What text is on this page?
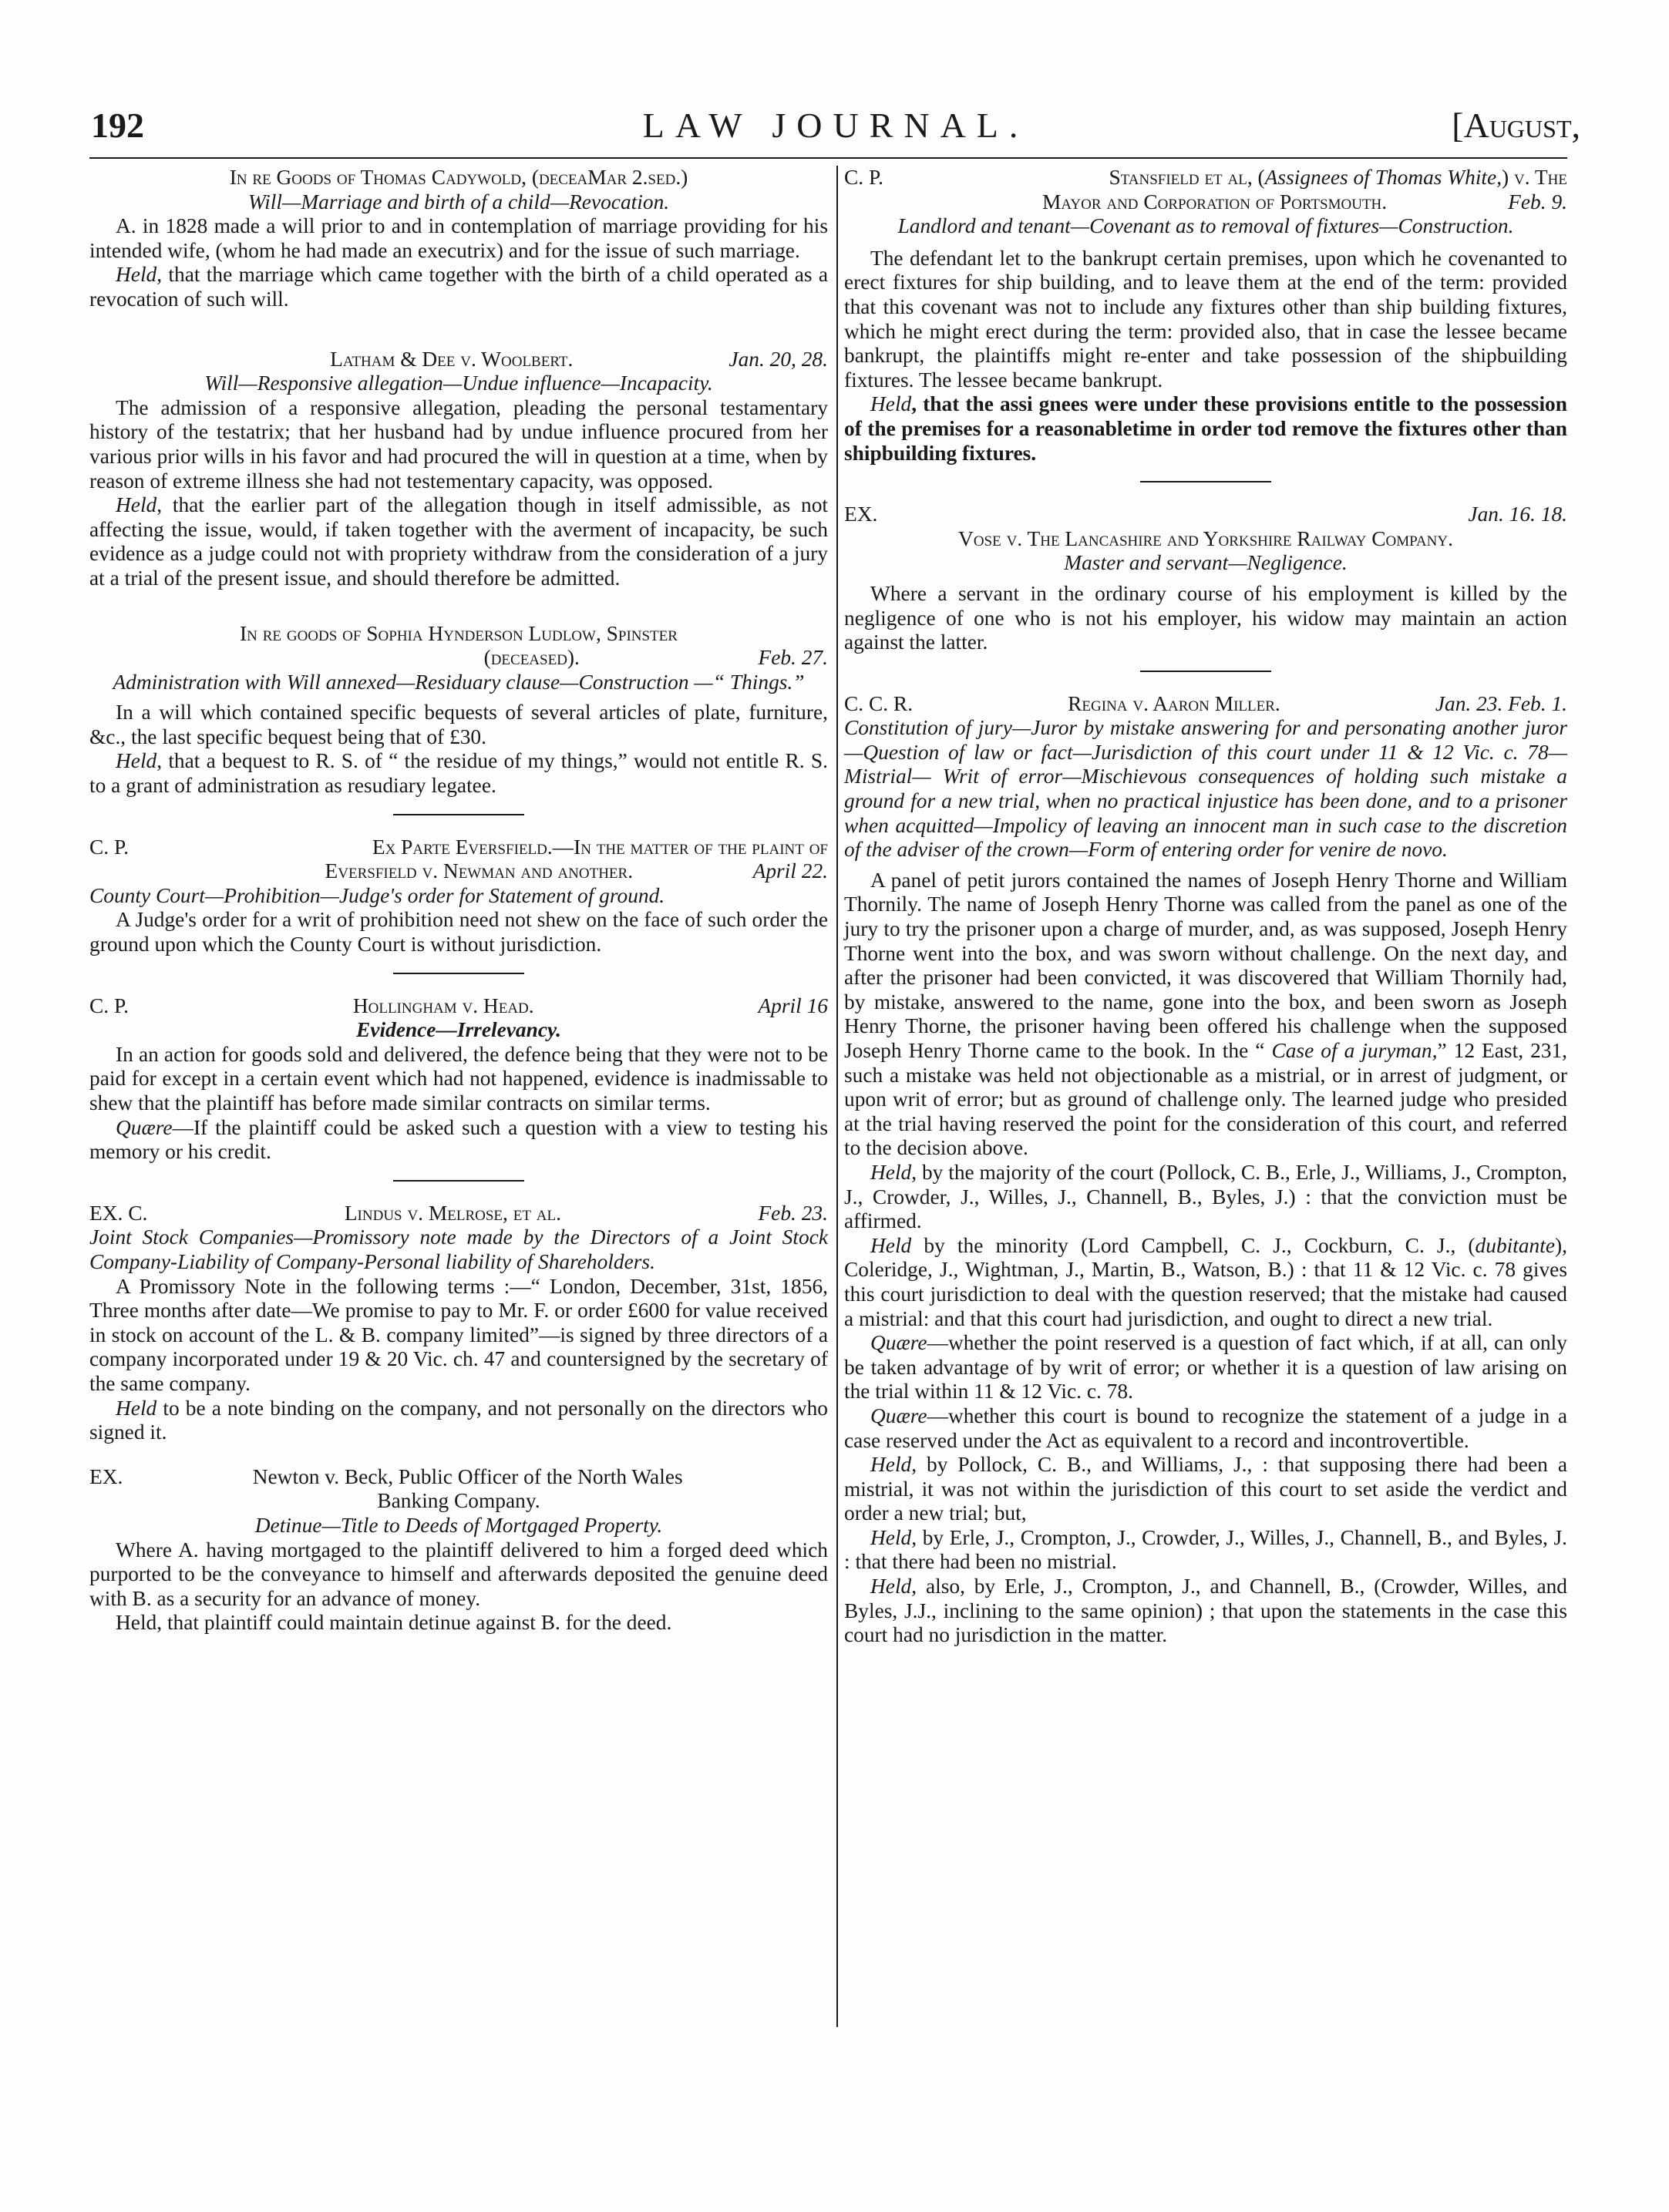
192	LAW JOURNAL.	[August,
In re Goods of Thomas Cadywold, (deceaMar 2.sed.)
Will—Marriage and birth of a child—Revocation.

A. in 1828 made a will prior to and in contemplation of marriage providing for his intended wife, (whom he had made an executrix) and for the issue of such marriage.

Held, that the marriage which came together with the birth of a child operated as a revocation of such will.

Latham & Dee v. Woolbert.	Jan. 20, 28.
Will—Responsive allegation—Undue influence—Incapacity.

The admission of a responsive allegation, pleading the personal testamentary history of the testatrix; that her husband had by undue influence procured from her various prior wills in his favor and had procured the will in question at a time, when by reason of extreme illness she had not testementary capacity, was opposed.

Held, that the earlier part of the allegation though in itself admissible, as not affecting the issue, would, if taken together with the averment of incapacity, be such evidence as a judge could not with propriety withdraw from the consideration of a jury at a trial of the present issue, and should therefore be admitted.

In re goods of Sophia Hynderson Ludlow, Spinster
(deceased).	Feb. 27.
Administration with Will annexed—Residuary clause—Construction —“ Things.”

In a will which contained specific bequests of several articles of plate, furniture, &c., the last specific bequest being that of £30.

Held, that a bequest to R. S. of “ the residue of my things,” would not entitle R. S. to a grant of administration as resudiary legatee.

C. P.	Ex Parte Eversfield.—In the matter of the plaint of
Eversfield v. Newman and another.	April 22.
County Court—Prohibition—Judge's order for Statement of ground.

A Judge's order for a writ of prohibition need not shew on the face of such order the ground upon which the County Court is without jurisdiction.

C. P.	Hollingham v. Head.	April 16
Evidence—Irrelevancy.

In an action for goods sold and delivered, the defence being that they were not to be paid for except in a certain event which had not happened, evidence is inadmissable to shew that the plaintiff has before made similar contracts on similar terms.

Quære—If the plaintiff could be asked such a question with a view to testing his memory or his credit.

EX. C.	Lindus v. Melrose, et al.	Feb. 23.
Joint Stock Companies—Promissory note made by the Directors of a Joint Stock Company-Liability of Company-Personal liability of Shareholders.

A Promissory Note in the following terms :—“ London, December, 31st, 1856, Three months after date—We promise to pay to Mr. F. or order £600 for value received in stock on account of the L. & B. company limited”—is signed by three directors of a company incorporated under 19 & 20 Vic. ch. 47 and countersigned by the secretary of the same company.

Held to be a note binding on the company, and not personally on the directors who signed it.

EX.	Newton v. Beck, Public Officer of the North Wales
Banking Company.
Detinue—Title to Deeds of Mortgaged Property.

Where A. having mortgaged to the plaintiff delivered to him a forged deed which purported to be the conveyance to himself and afterwards deposited the genuine deed with B. as a security for an advance of money.

Held, that plaintiff could maintain detinue against B. for the deed.

C. P.	Stansfield et al, (Assignees of Thomas White,) v. The
Mayor and Corporation of Portsmouth.	Feb. 9.
Landlord and tenant—Covenant as to removal of fixtures—Construction.

The defendant let to the bankrupt certain premises, upon which he covenanted to erect fixtures for ship building, and to leave them at the end of the term: provided that this covenant was not to include any fixtures other than ship building fixtures, which he might erect during the term: provided also, that in case the lessee became bankrupt, the plaintiffs might re-enter and take possession of the shipbuilding fixtures. The lessee became bankrupt.

Held, that the assi gnees were under these provisions entitle to the possession of the premises for a reasonabletime in order tod remove the fixtures other than shipbuilding fixtures.

EX.	Jan. 16. 18.
Vose v. The Lancashire and Yorkshire Railway Company.
Master and servant—Negligence.

Where a servant in the ordinary course of his employment is killed by the negligence of one who is not his employer, his widow may maintain an action against the latter.

C. C. R.	Regina v. Aaron Miller.	Jan. 23. Feb. 1.
Constitution of jury—Juror by mistake answering for and personating another juror—Question of law or fact—Jurisdiction of this court under 11 & 12 Vic. c. 78—Mistrial— Writ of error—Mischievous consequences of holding such mistake a ground for a new trial, when no practical injustice has been done, and to a prisoner when acquitted—Impolicy of leaving an innocent man in such case to the discretion of the adviser of the crown—Form of entering order for venire de novo.

A panel of petit jurors contained the names of Joseph Henry Thorne and William Thornily. The name of Joseph Henry Thorne was called from the panel as one of the jury to try the prisoner upon a charge of murder, and, as was supposed, Joseph Henry Thorne went into the box, and was sworn without challenge. On the next day, and after the prisoner had been convicted, it was discovered that William Thornily had, by mistake, answered to the name, gone into the box, and been sworn as Joseph Henry Thorne, the prisoner having been offered his challenge when the supposed Joseph Henry Thorne came to the book. In the “ Case of a juryman,” 12 East, 231, such a mistake was held not objectionable as a mistrial, or in arrest of judgment, or upon writ of error; but as ground of challenge only. The learned judge who presided at the trial having reserved the point for the consideration of this court, and referred to the decision above.

Held, by the majority of the court (Pollock, C. B., Erle, J., Williams, J., Crompton, J., Crowder, J., Willes, J., Channell, B., Byles, J.) : that the conviction must be affirmed.

Held by the minority (Lord Campbell, C. J., Cockburn, C. J., (dubitante), Coleridge, J., Wightman, J., Martin, B., Watson, B.) : that 11 & 12 Vic. c. 78 gives this court jurisdiction to deal with the question reserved; that the mistake had caused a mistrial: and that this court had jurisdiction, and ought to direct a new trial.

Quære—whether the point reserved is a question of fact which, if at all, can only be taken advantage of by writ of error; or whether it is a question of law arising on the trial within 11 & 12 Vic. c. 78.

Quære—whether this court is bound to recognize the statement of a judge in a case reserved under the Act as equivalent to a record and incontrovertible.

Held, by Pollock, C. B., and Williams, J., : that supposing there had been a mistrial, it was not within the jurisdiction of this court to set aside the verdict and order a new trial; but,

Held, by Erle, J., Crompton, J., Crowder, J., Willes, J., Channell, B., and Byles, J. : that there had been no mistrial.

Held, also, by Erle, J., Crompton, J., and Channell, B., (Crowder, Willes, and Byles, J.J., inclining to the same opinion) ; that upon the statements in the case this court had no jurisdiction in the matter.
